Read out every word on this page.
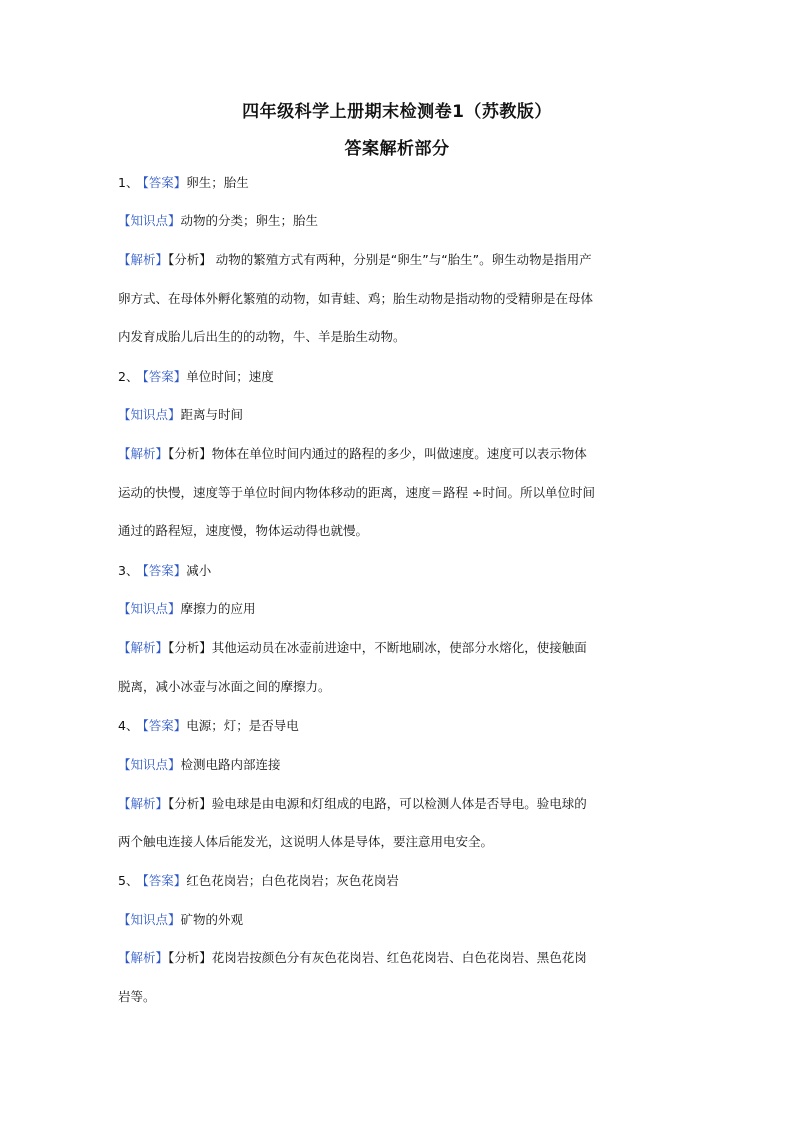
四年级科学上册期末检测卷1（苏教版）
答案解析部分
1、 【答案】卵生；胎生
【知识点】动物的分类；卵生；胎生
【解析】【分析】 动物的繁殖方式有两种，分别是“卵生”与“胎生”。卵生动物是指用产
卵方式、在母体外孵化繁殖的动物，如青蛙、鸡；胎生动物是指动物的受精卵是在母体
内发育成胎儿后出生的的动物，牛、羊是胎生动物。
2、 【答案】单位时间；速度
【知识点】距离与时间
【解析】【分析】物体在单位时间内通过的路程的多少，叫做速度。速度可以表示物体
运动的快慢，速度等于单位时间内物体移动的距离，速度＝路程 ÷时间。所以单位时间
通过的路程短，速度慢，物体运动得也就慢。
3、 【答案】减小
【知识点】摩擦力的应用
【解析】【分析】其他运动员在冰壶前进途中，不断地刷冰，使部分水熔化，使接触面
脱离，减小冰壶与冰面之间的摩擦力。
4、 【答案】电源；灯；是否导电
【知识点】检测电路内部连接
【解析】【分析】验电球是由电源和灯组成的电路，可以检测人体是否导电。验电球的
两个触电连接人体后能发光，这说明人体是导体，要注意用电安全。
5、 【答案】红色花岗岩；白色花岗岩；灰色花岗岩
【知识点】矿物的外观
【解析】【分析】花岗岩按颜色分有灰色花岗岩、红色花岗岩、白色花岗岩、黑色花岗
岩等。
